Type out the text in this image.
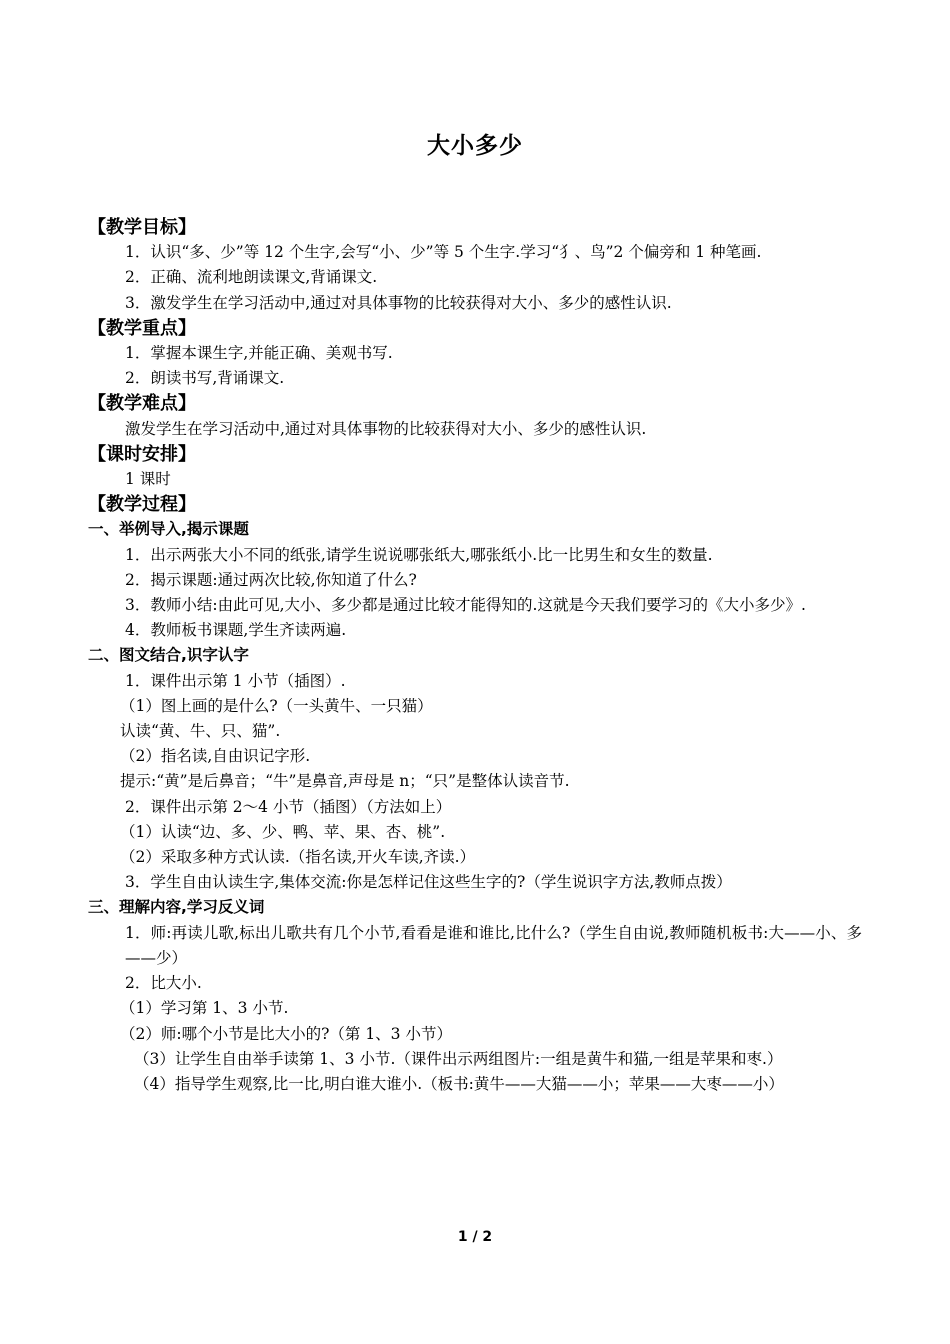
大小多少
【教学目标】
1．认识“多、少”等 12 个生字,会写“小、少”等 5 个生字.学习“犭、鸟”2 个偏旁和 1 种笔画.
2．正确、流利地朗读课文,背诵课文.
3．激发学生在学习活动中,通过对具体事物的比较获得对大小、多少的感性认识.
【教学重点】
1．掌握本课生字,并能正确、美观书写.
2．朗读书写,背诵课文.
【教学难点】
激发学生在学习活动中,通过对具体事物的比较获得对大小、多少的感性认识.
【课时安排】
1 课时
【教学过程】
一、举例导入,揭示课题
1．出示两张大小不同的纸张,请学生说说哪张纸大,哪张纸小.比一比男生和女生的数量.
2．揭示课题:通过两次比较,你知道了什么?
3．教师小结:由此可见,大小、多少都是通过比较才能得知的.这就是今天我们要学习的《大小多少》.
4．教师板书课题,学生齐读两遍.
二、图文结合,识字认字
1．课件出示第 1 小节（插图）.
（1）图上画的是什么?（一头黄牛、一只猫）
认读“黄、牛、只、猫”.
（2）指名读,自由识记字形.
提示:“黄”是后鼻音；“牛”是鼻音,声母是 n；“只”是整体认读音节.
2．课件出示第 2～4 小节（插图）（方法如上）
（1）认读“边、多、少、鸭、苹、果、杏、桃”.
（2）采取多种方式认读.（指名读,开火车读,齐读.）
3．学生自由认读生字,集体交流:你是怎样记住这些生字的?（学生说识字方法,教师点拨）
三、理解内容,学习反义词
1．师:再读儿歌,标出儿歌共有几个小节,看看是谁和谁比,比什么?（学生自由说,教师随机板书:大——小、多——少）
2．比大小.
（1）学习第 1、3 小节.
（2）师:哪个小节是比大小的?（第 1、3 小节）
（3）让学生自由举手读第 1、3 小节.（课件出示两组图片:一组是黄牛和猫,一组是苹果和枣.）
（4）指导学生观察,比一比,明白谁大谁小.（板书:黄牛——大猫——小；苹果——大枣——小）
1 / 2
